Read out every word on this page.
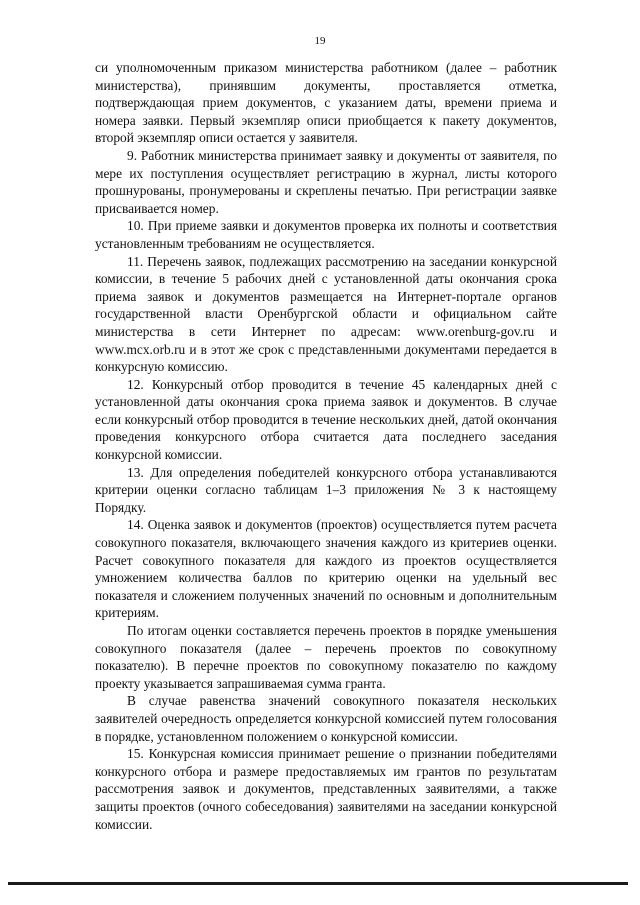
19

си уполномоченным приказом министерства работником (далее – работник министерства), принявшим документы, проставляется отметка, подтверждающая прием документов, с указанием даты, времени приема и номера заявки. Первый экземпляр описи приобщается к пакету документов, второй экземпляр описи остается у заявителя.

9. Работник министерства принимает заявку и документы от заявителя, по мере их поступления осуществляет регистрацию в журнал, листы которого прошнурованы, пронумерованы и скреплены печатью. При регистрации заявке присваивается номер.

10. При приеме заявки и документов проверка их полноты и соответствия установленным требованиям не осуществляется.

11. Перечень заявок, подлежащих рассмотрению на заседании конкурсной комиссии, в течение 5 рабочих дней с установленной даты окончания срока приема заявок и документов размещается на Интернет-портале органов государственной власти Оренбургской области и официальном сайте министерства в сети Интернет по адресам: www.orenburg-gov.ru и www.mcx.orb.ru и в этот же срок с представленными документами передается в конкурсную комиссию.

12. Конкурсный отбор проводится в течение 45 календарных дней с установленной даты окончания срока приема заявок и документов. В случае если конкурсный отбор проводится в течение нескольких дней, датой окончания проведения конкурсного отбора считается дата последнего заседания конкурсной комиссии.

13. Для определения победителей конкурсного отбора устанавливаются критерии оценки согласно таблицам 1–3 приложения № 3 к настоящему Порядку.

14. Оценка заявок и документов (проектов) осуществляется путем расчета совокупного показателя, включающего значения каждого из критериев оценки. Расчет совокупного показателя для каждого из проектов осуществляется умножением количества баллов по критерию оценки на удельный вес показателя и сложением полученных значений по основным и дополнительным критериям.

По итогам оценки составляется перечень проектов в порядке уменьшения совокупного показателя (далее – перечень проектов по совокупному показателю). В перечне проектов по совокупному показателю по каждому проекту указывается запрашиваемая сумма гранта.

В случае равенства значений совокупного показателя нескольких заявителей очередность определяется конкурсной комиссией путем голосования в порядке, установленном положением о конкурсной комиссии.

15. Конкурсная комиссия принимает решение о признании победителями конкурсного отбора и размере предоставляемых им грантов по результатам рассмотрения заявок и документов, представленных заявителями, а также защиты проектов (очного собеседования) заявителями на заседании конкурсной комиссии.
